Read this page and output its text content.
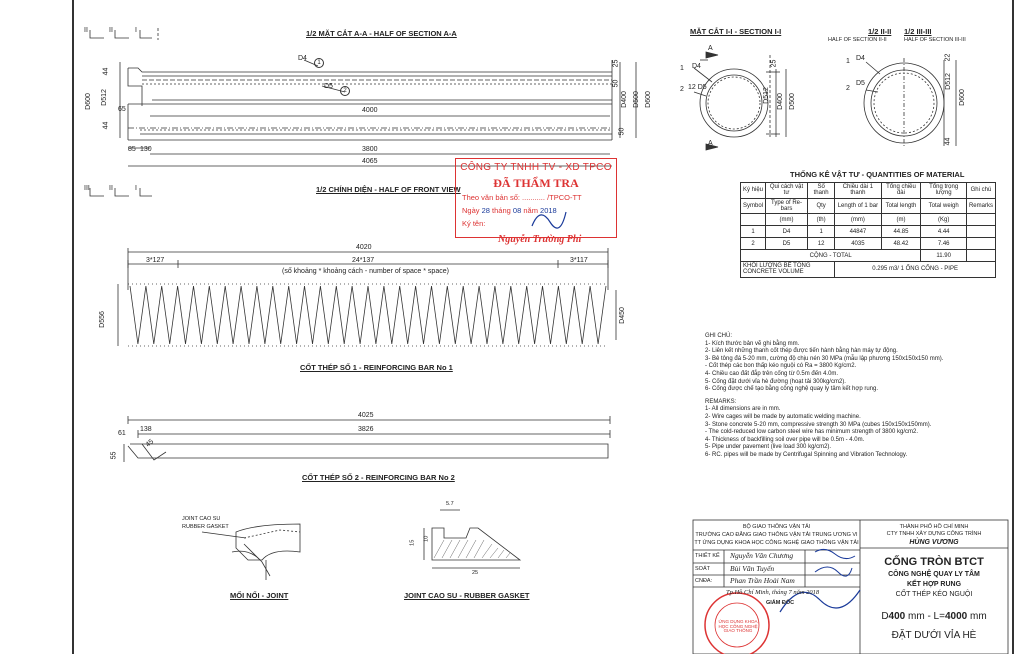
II	II	I	1/2 MẶT CẮT A-A - HALF OF SECTION A-A
D4
1
D5
2
4000
3800
4065
85 130
44
65
44
D600 D512
25
50
D400 D500 D600
50
III	II	I	1/2 CHÍNH DIỆN - HALF OF FRONT VIEW
4020
3*127	24*137	3*117
(số khoảng * khoảng cách - number of space * space)
D556	D450
CỐT THÉP SỐ 1 - REINFORCING BAR No 1
4025
3826
61
138
45
55
CỐT THÉP SỐ 2 - REINFORCING BAR No 2
JOINT CAO SU
RUBBER GASKET
MỐI NỐI - JOINT
5.7
15
10
25
JOINT CAO SU - RUBBER GASKET
MẶT CẮT I-I - SECTION I-I
A
A
1 D4
2 12 D5
25
D512 D400 D500
1/2 II-II
HALF OF SECTION II-II
1/2 III-III
HALF OF SECTION III-III
1 D4
2
D5
22
D512
D600
44
CÔNG TY TNHH TV - XD TPCO
ĐÃ THẨM TRA
Theo văn bản số: ........... /TPCO-TT
Ngày 28 tháng 08 năm 2018
Ký tên:
Nguyễn Trường Phi
THỐNG KÊ VẬT TƯ - QUANTITIES OF MATERIAL
Ký hiệu	Qui cách vật tư	Số thanh	Chiều dài 1 thanh	Tổng chiều dài	Tổng trọng lượng	Ghi chú
Symbol	Type of Re-bars	Qty	Length of 1 bar	Total length	Total weigh	Remarks
	(mm)	(th)	(mm)	(m)	(Kg)	
1	D4	1	44847	44.85	4.44	
2	D5	12	4035	48.42	7.46	
CỘNG - TOTAL					11.90	
KHỐI LƯỢNG BÊ TÔNG
CONCRETE VOLUME			0.295 m3/ 1 ỐNG CỐNG - PIPE			
GHI CHÚ:
1- Kích thước bản vẽ ghi bằng mm.
2- Liên kết những thanh cốt thép được tiến hành bằng hàn máy tự động.
3- Bê tông đá 5-20 mm, cường độ chịu nén 30 MPa (mẫu lập phương 150x150x150 mm).
- Cốt thép các bon thấp kéo nguội có Ra = 3800 Kg/cm2.
4- Chiều cao đất đắp trên cống từ 0.5m đến 4.0m.
5- Cống đặt dưới vỉa hè đường (hoạt tải 300kg/cm2).
6- Cống được chế tạo bằng công nghệ quay ly tâm kết hợp rung.
REMARKS:
1- All dimensions are in mm.
2- Wire cages will be made by automatic welding machine.
3- Stone concrete 5-20 mm, compressive strength 30 MPa (cubes 150x150x150mm).
- The cold-reduced low carbon steel wire has minimum strength of 3800 kg/cm2.
4- Thickness of backfilling soil over pipe will be 0.5m - 4.0m.
5- Pipe under pavement (live load 300 kg/cm2).
6- RC. pipes will be made by Centrifugal Spinning and Vibration Technology.
BỘ GIAO THÔNG VẬN TẢI
TRƯỜNG CAO ĐẲNG GIAO THÔNG VẬN TẢI TRUNG ƯƠNG VI
TT ỨNG DỤNG KHOA HỌC CÔNG NGHỆ GIAO THÔNG VẬN TẢI
THIẾT KẾ Nguyễn Văn Chương
SOÁT	Bùi Văn Tuyến
CNĐA: Phan Trần Hoài Nam
Tp.Hồ Chí Minh, tháng 7 năm 2018
GIÁM ĐỐC
ỨNG DỤNG KHOA HỌC CÔNG NGHỆ GIAO THÔNG
THÀNH PHỐ HỒ CHÍ MINH
CTY TNHH XÂY DỰNG CÔNG TRÌNH
HÙNG VƯƠNG
CỐNG TRÒN BTCT
CÔNG NGHỆ QUAY LY TÂM
KẾT HỢP RUNG
CỐT THÉP KÉO NGUỘI
D400 mm - L=4000 mm
ĐẶT DƯỚI VỈA HÈ
